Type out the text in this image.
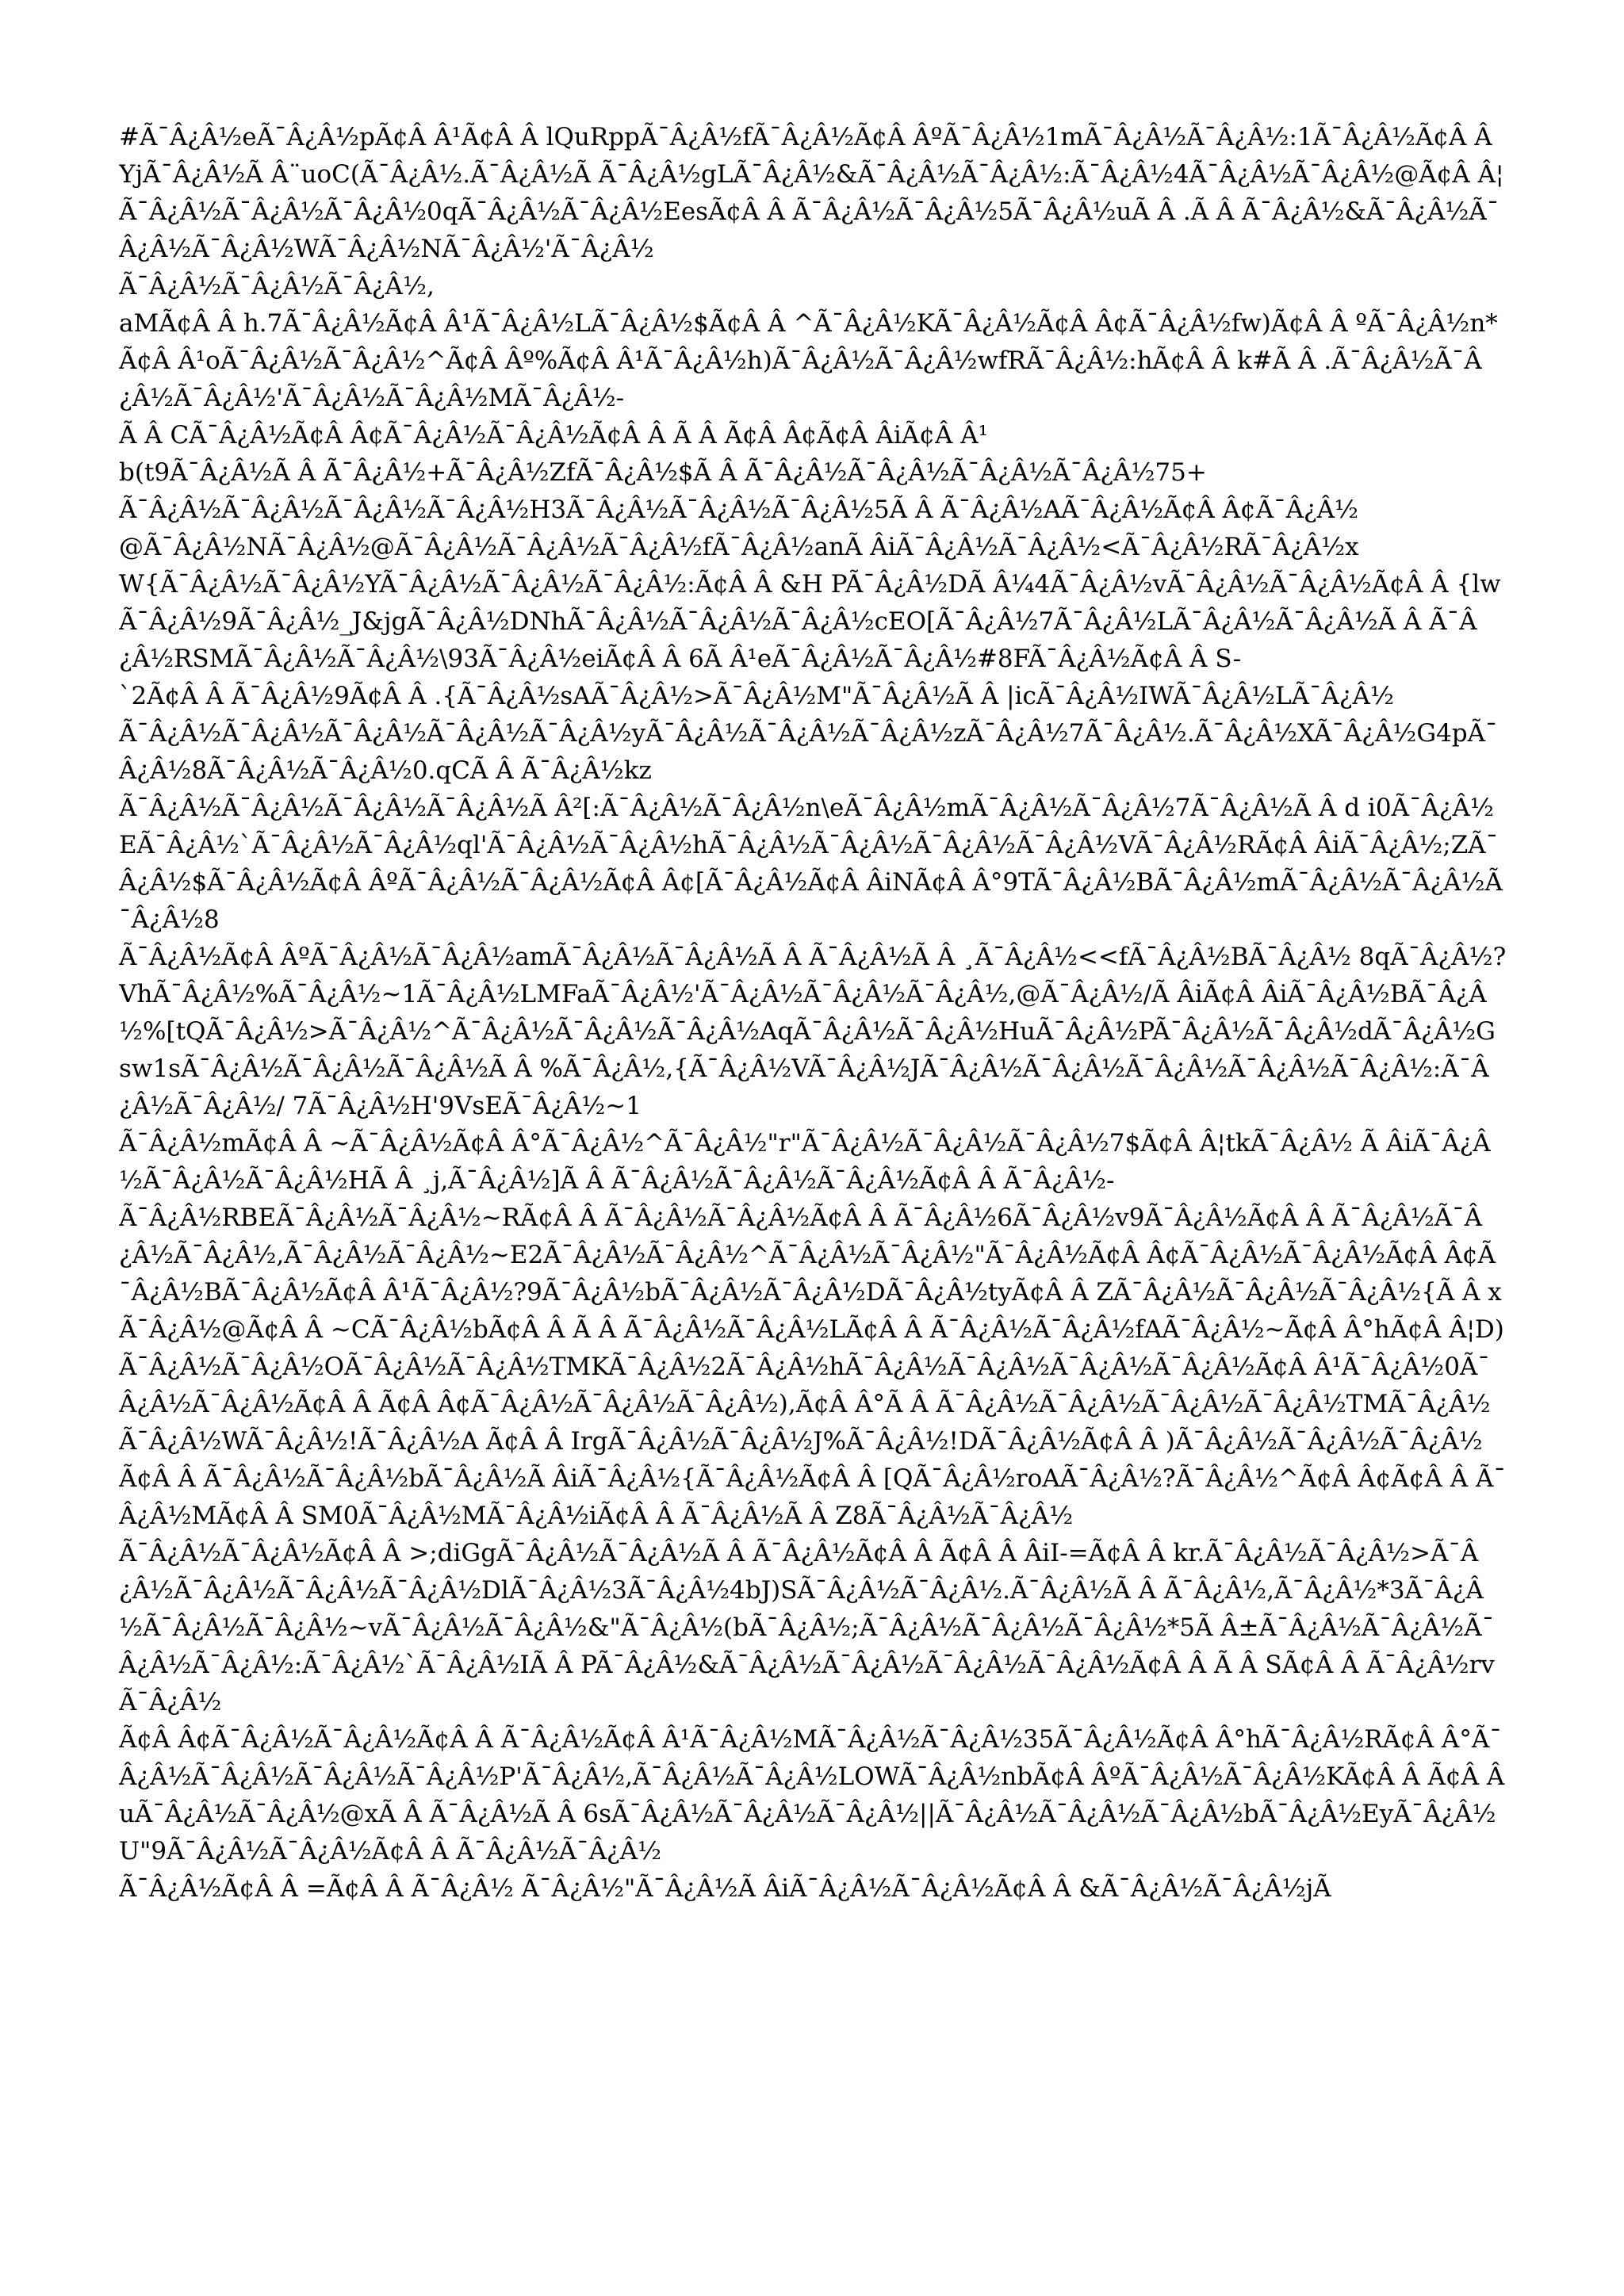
#Ã¯Â¿Â½eÃ¯Â¿Â½pÃ¢Â Â¹Ã¢Â Â lQuRppÃ¯Â¿Â½fÃ¯Â¿Â½Ã¢Â ÂºÃ¯Â¿Â½1mÃ¯Â¿Â½Ã¯Â¿Â½:1Ã¯Â¿Â½Ã¢Â Â YjÃ¯Â¿Â½Ã Â¨uoC(Ã¯Â¿Â½.Ã¯Â¿Â½Ã Ã¯Â¿Â½gLÃ¯Â¿Â½&Ã¯Â¿Â½Ã¯Â¿Â½:Ã¯Â¿Â½4Ã¯Â¿Â½Ã¯Â¿Â½@Ã¢Â Â¦Ã¯Â¿Â½Ã¯Â¿Â½Ã¯Â¿Â½0qÃ¯Â¿Â½Ã¯Â¿Â½EesÃ¢Â Â Ã¯Â¿Â½Ã¯Â¿Â½5Ã¯Â¿Â½uÃ Â .Ã Â Ã¯Â¿Â½&Ã¯Â¿Â½Ã¯Â¿Â½Ã¯Â¿Â½WÃ¯Â¿Â½NÃ¯Â¿Â½'Ã¯Â¿Â½
Ã¯Â¿Â½Ã¯Â¿Â½Ã¯Â¿Â½,
aMÃ¢Â Â h.7Ã¯Â¿Â½Ã¢Â Â¹Ã¯Â¿Â½LÃ¯Â¿Â½$Ã¢Â Â ^Ã¯Â¿Â½KÃ¯Â¿Â½Ã¢Â Â¢Ã¯Â¿Â½fw)Ã¢Â Â ºÃ¯Â¿Â½n*Ã¢Â Â¹oÃ¯Â¿Â½Ã¯Â¿Â½^Ã¢Â Âº%Ã¢Â Â¹Ã¯Â¿Â½h)Ã¯Â¿Â½Ã¯Â¿Â½wfRÃ¯Â¿Â½:hÃ¢Â Â k#Ã Â .Ã¯Â¿Â½Ã¯Â¿Â½Ã¯Â¿Â½'Ã¯Â¿Â½Ã¯Â¿Â½MÃ¯Â¿Â½-
Ã Â CÃ¯Â¿Â½Ã¢Â Â¢Ã¯Â¿Â½Ã¯Â¿Â½Ã¢Â Â Ã Â Ã¢Â Â¢Ã¢Â ÂiÃ¢Â Â¹
b(t9Ã¯Â¿Â½Ã Â Ã¯Â¿Â½+Ã¯Â¿Â½ZfÃ¯Â¿Â½$Ã Â Ã¯Â¿Â½Ã¯Â¿Â½Ã¯Â¿Â½Ã¯Â¿Â½75+
Ã¯Â¿Â½Ã¯Â¿Â½Ã¯Â¿Â½Ã¯Â¿Â½H3Ã¯Â¿Â½Ã¯Â¿Â½Ã¯Â¿Â½5Ã Â Ã¯Â¿Â½AÃ¯Â¿Â½Ã¢Â Â¢Ã¯Â¿Â½
@Ã¯Â¿Â½NÃ¯Â¿Â½@Ã¯Â¿Â½Ã¯Â¿Â½Ã¯Â¿Â½fÃ¯Â¿Â½anÃ ÂiÃ¯Â¿Â½Ã¯Â¿Â½<Ã¯Â¿Â½RÃ¯Â¿Â½x
W{Ã¯Â¿Â½Ã¯Â¿Â½YÃ¯Â¿Â½Ã¯Â¿Â½Ã¯Â¿Â½:Ã¢Â Â &H PÃ¯Â¿Â½DÃ Â¼4Ã¯Â¿Â½vÃ¯Â¿Â½Ã¯Â¿Â½Ã¢Â Â {lwÃ¯Â¿Â½9Ã¯Â¿Â½_J&jgÃ¯Â¿Â½DNhÃ¯Â¿Â½Ã¯Â¿Â½Ã¯Â¿Â½cEO[Ã¯Â¿Â½7Ã¯Â¿Â½LÃ¯Â¿Â½Ã¯Â¿Â½Ã Â Ã¯Â¿Â½RSMÃ¯Â¿Â½Ã¯Â¿Â½\93Ã¯Â¿Â½eiÃ¢Â Â 6Ã Â¹eÃ¯Â¿Â½Ã¯Â¿Â½#8FÃ¯Â¿Â½Ã¢Â Â S-
`2Ã¢Â Â Ã¯Â¿Â½9Ã¢Â Â .{Ã¯Â¿Â½sAÃ¯Â¿Â½>Ã¯Â¿Â½M"Ã¯Â¿Â½Ã Â |icÃ¯Â¿Â½IWÃ¯Â¿Â½LÃ¯Â¿Â½
Ã¯Â¿Â½Ã¯Â¿Â½Ã¯Â¿Â½Ã¯Â¿Â½Ã¯Â¿Â½yÃ¯Â¿Â½Ã¯Â¿Â½Ã¯Â¿Â½zÃ¯Â¿Â½7Ã¯Â¿Â½.Ã¯Â¿Â½XÃ¯Â¿Â½G4pÃ¯Â¿Â½8Ã¯Â¿Â½Ã¯Â¿Â½0.qCÃ Â Ã¯Â¿Â½kz
Ã¯Â¿Â½Ã¯Â¿Â½Ã¯Â¿Â½Ã¯Â¿Â½Ã Â²[:Ã¯Â¿Â½Ã¯Â¿Â½n\eÃ¯Â¿Â½mÃ¯Â¿Â½Ã¯Â¿Â½7Ã¯Â¿Â½Ã Â d i0Ã¯Â¿Â½EÃ¯Â¿Â½`Ã¯Â¿Â½Ã¯Â¿Â½ql'Ã¯Â¿Â½Ã¯Â¿Â½hÃ¯Â¿Â½Ã¯Â¿Â½Ã¯Â¿Â½Ã¯Â¿Â½VÃ¯Â¿Â½RÃ¢Â ÂiÃ¯Â¿Â½;ZÃ¯Â¿Â½$Ã¯Â¿Â½Ã¢Â ÂºÃ¯Â¿Â½Ã¯Â¿Â½Ã¢Â Â¢[Ã¯Â¿Â½Ã¢Â ÂiNÃ¢Â Â°9TÃ¯Â¿Â½BÃ¯Â¿Â½mÃ¯Â¿Â½Ã¯Â¿Â½Ã¯Â¿Â½8
Ã¯Â¿Â½Ã¢Â ÂºÃ¯Â¿Â½Ã¯Â¿Â½amÃ¯Â¿Â½Ã¯Â¿Â½Ã Â Ã¯Â¿Â½Ã Â ¸Ã¯Â¿Â½<<fÃ¯Â¿Â½BÃ¯Â¿Â½ 8qÃ¯Â¿Â½?VhÃ¯Â¿Â½%Ã¯Â¿Â½~1Ã¯Â¿Â½LMFaÃ¯Â¿Â½'Ã¯Â¿Â½Ã¯Â¿Â½Ã¯Â¿Â½,@Ã¯Â¿Â½/Ã ÂiÃ¢Â ÂiÃ¯Â¿Â½BÃ¯Â¿Â½%[tQÃ¯Â¿Â½>Ã¯Â¿Â½^Ã¯Â¿Â½Ã¯Â¿Â½Ã¯Â¿Â½AqÃ¯Â¿Â½Ã¯Â¿Â½HuÃ¯Â¿Â½PÃ¯Â¿Â½Ã¯Â¿Â½dÃ¯Â¿Â½Gsw1sÃ¯Â¿Â½Ã¯Â¿Â½Ã¯Â¿Â½Ã Â %Ã¯Â¿Â½,{Ã¯Â¿Â½VÃ¯Â¿Â½JÃ¯Â¿Â½Ã¯Â¿Â½Ã¯Â¿Â½Ã¯Â¿Â½Ã¯Â¿Â½:Ã¯Â¿Â½Ã¯Â¿Â½/ 7Ã¯Â¿Â½H'9VsEÃ¯Â¿Â½~1
Ã¯Â¿Â½mÃ¢Â Â ~Ã¯Â¿Â½Ã¢Â Â°Ã¯Â¿Â½^Ã¯Â¿Â½"r"Ã¯Â¿Â½Ã¯Â¿Â½Ã¯Â¿Â½7$Ã¢Â Â¦tkÃ¯Â¿Â½ Ã ÂiÃ¯Â¿Â½Ã¯Â¿Â½Ã¯Â¿Â½HÃ Â ¸j,Ã¯Â¿Â½]Ã Â Ã¯Â¿Â½Ã¯Â¿Â½Ã¯Â¿Â½Ã¢Â Â Ã¯Â¿Â½-
Ã¯Â¿Â½RBEÃ¯Â¿Â½Ã¯Â¿Â½~RÃ¢Â Â Ã¯Â¿Â½Ã¯Â¿Â½Ã¢Â Â Ã¯Â¿Â½6Ã¯Â¿Â½v9Ã¯Â¿Â½Ã¢Â Â Ã¯Â¿Â½Ã¯Â¿Â½Ã¯Â¿Â½,Ã¯Â¿Â½Ã¯Â¿Â½~E2Ã¯Â¿Â½Ã¯Â¿Â½^Ã¯Â¿Â½Ã¯Â¿Â½"Ã¯Â¿Â½Ã¢Â Â¢Ã¯Â¿Â½Ã¯Â¿Â½Ã¢Â Â¢Ã¯Â¿Â½BÃ¯Â¿Â½Ã¢Â Â¹Ã¯Â¿Â½?9Ã¯Â¿Â½bÃ¯Â¿Â½Ã¯Â¿Â½DÃ¯Â¿Â½tyÃ¢Â Â ZÃ¯Â¿Â½Ã¯Â¿Â½Ã¯Â¿Â½{Ã Â xÃ¯Â¿Â½@Ã¢Â Â ~CÃ¯Â¿Â½bÃ¢Â Â Ã Â Ã¯Â¿Â½Ã¯Â¿Â½LÃ¢Â Â Ã¯Â¿Â½Ã¯Â¿Â½fAÃ¯Â¿Â½~Ã¢Â Â°hÃ¢Â Â¦D)Ã¯Â¿Â½Ã¯Â¿Â½OÃ¯Â¿Â½Ã¯Â¿Â½TMKÃ¯Â¿Â½2Ã¯Â¿Â½hÃ¯Â¿Â½Ã¯Â¿Â½Ã¯Â¿Â½Ã¯Â¿Â½Ã¢Â Â¹Ã¯Â¿Â½0Ã¯Â¿Â½Ã¯Â¿Â½Ã¢Â Â Ã¢Â Â¢Ã¯Â¿Â½Ã¯Â¿Â½Ã¯Â¿Â½),Ã¢Â Â°Ã Â Ã¯Â¿Â½Ã¯Â¿Â½Ã¯Â¿Â½Ã¯Â¿Â½TMÃ¯Â¿Â½Ã¯Â¿Â½WÃ¯Â¿Â½!Ã¯Â¿Â½A Ã¢Â Â IrgÃ¯Â¿Â½Ã¯Â¿Â½J%Ã¯Â¿Â½!DÃ¯Â¿Â½Ã¢Â Â )Ã¯Â¿Â½Ã¯Â¿Â½Ã¯Â¿Â½Ã¢Â Â Ã¯Â¿Â½Ã¯Â¿Â½bÃ¯Â¿Â½Ã ÂiÃ¯Â¿Â½{Ã¯Â¿Â½Ã¢Â Â [QÃ¯Â¿Â½roAÃ¯Â¿Â½?Ã¯Â¿Â½^Ã¢Â Â¢Ã¢Â Â Ã¯Â¿Â½MÃ¢Â Â SM0Ã¯Â¿Â½MÃ¯Â¿Â½iÃ¢Â Â Ã¯Â¿Â½Ã Â Z8Ã¯Â¿Â½Ã¯Â¿Â½
Ã¯Â¿Â½Ã¯Â¿Â½Ã¢Â Â >;diGgÃ¯Â¿Â½Ã¯Â¿Â½Ã Â Ã¯Â¿Â½Ã¢Â Â Ã¢Â Â ÂiI-=Ã¢Â Â kr.Ã¯Â¿Â½Ã¯Â¿Â½>Ã¯Â¿Â½Ã¯Â¿Â½Ã¯Â¿Â½Ã¯Â¿Â½DlÃ¯Â¿Â½3Ã¯Â¿Â½4bJ)SÃ¯Â¿Â½Ã¯Â¿Â½.Ã¯Â¿Â½Ã Â Ã¯Â¿Â½,Ã¯Â¿Â½*3Ã¯Â¿Â½Ã¯Â¿Â½Ã¯Â¿Â½~vÃ¯Â¿Â½Ã¯Â¿Â½&"Ã¯Â¿Â½(bÃ¯Â¿Â½;Ã¯Â¿Â½Ã¯Â¿Â½Ã¯Â¿Â½*5Ã Â±Ã¯Â¿Â½Ã¯Â¿Â½Ã¯Â¿Â½Ã¯Â¿Â½:Ã¯Â¿Â½`Ã¯Â¿Â½IÃ Â PÃ¯Â¿Â½&Ã¯Â¿Â½Ã¯Â¿Â½Ã¯Â¿Â½Ã¯Â¿Â½Ã¢Â Â Ã Â SÃ¢Â Â Ã¯Â¿Â½rvÃ¯Â¿Â½
Ã¢Â Â¢Ã¯Â¿Â½Ã¯Â¿Â½Ã¢Â Â Ã¯Â¿Â½Ã¢Â Â¹Ã¯Â¿Â½MÃ¯Â¿Â½Ã¯Â¿Â½35Ã¯Â¿Â½Ã¢Â Â°hÃ¯Â¿Â½RÃ¢Â Â°Ã¯Â¿Â½Ã¯Â¿Â½Ã¯Â¿Â½Ã¯Â¿Â½P'Ã¯Â¿Â½,Ã¯Â¿Â½Ã¯Â¿Â½LOWÃ¯Â¿Â½nbÃ¢Â ÂºÃ¯Â¿Â½Ã¯Â¿Â½KÃ¢Â Â Ã¢Â Â uÃ¯Â¿Â½Ã¯Â¿Â½@xÃ Â Ã¯Â¿Â½Ã Â 6sÃ¯Â¿Â½Ã¯Â¿Â½Ã¯Â¿Â½||Ã¯Â¿Â½Ã¯Â¿Â½Ã¯Â¿Â½bÃ¯Â¿Â½EyÃ¯Â¿Â½U"9Ã¯Â¿Â½Ã¯Â¿Â½Ã¢Â Â Ã¯Â¿Â½Ã¯Â¿Â½
Ã¯Â¿Â½Ã¢Â Â =Ã¢Â Â Ã¯Â¿Â½ Ã¯Â¿Â½"Ã¯Â¿Â½Ã ÂiÃ¯Â¿Â½Ã¯Â¿Â½Ã¢Â Â &Ã¯Â¿Â½Ã¯Â¿Â½jÃ
